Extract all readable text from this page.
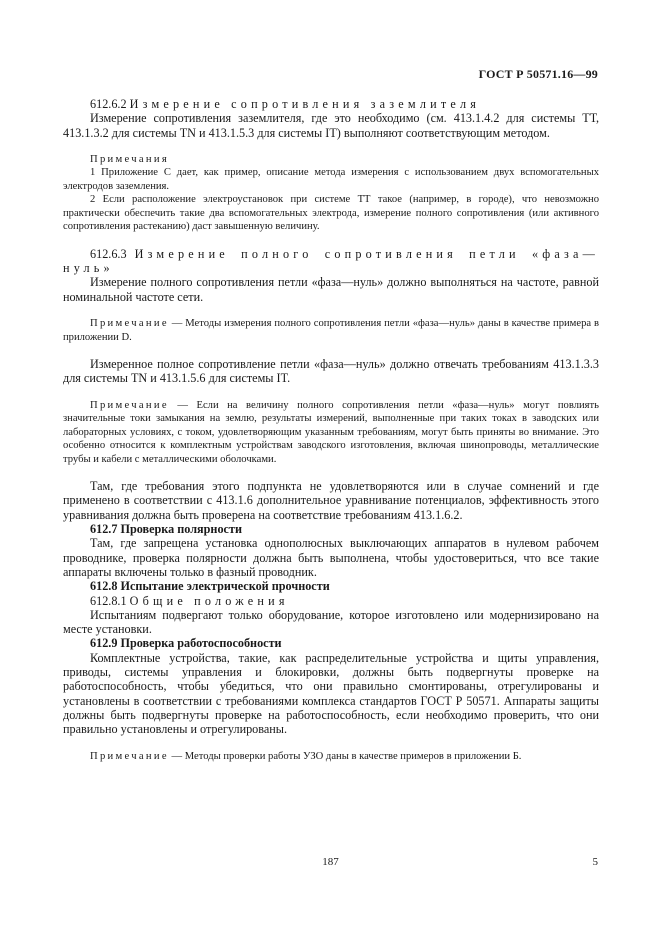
ГОСТ Р 50571.16—99

612.6.2 Измерение сопротивления заземлителя

Измерение сопротивления заземлителя, где это необходимо (см. 413.1.4.2 для системы ТТ, 413.1.3.2 для системы TN и 413.1.5.3 для системы IT) выполняют соответствующим методом.

Примечания

1 Приложение С дает, как пример, описание метода измерения с использованием двух вспомогательных электродов заземления.

2 Если расположение электроустановок при системе ТТ такое (например, в городе), что невозможно практически обеспечить такие два вспомогательных электрода, измерение полного сопротивления (или активного сопротивления растеканию) даст завышенную величину.

612.6.3 Измерение полного сопротивления петли «фаза—нуль»

Измерение полного сопротивления петли «фаза—нуль» должно выполняться на частоте, равной номинальной частоте сети.

Примечание — Методы измерения полного сопротивления петли «фаза—нуль» даны в качестве примера в приложении D.

Измеренное полное сопротивление петли «фаза—нуль» должно отвечать требованиям 413.1.3.3 для системы TN и 413.1.5.6 для системы IT.

Примечание — Если на величину полного сопротивления петли «фаза—нуль» могут повлиять значительные токи замыкания на землю, результаты измерений, выполненные при таких токах в заводских или лабораторных условиях, с током, удовлетворяющим указанным требованиям, могут быть приняты во внимание. Это особенно относится к комплектным устройствам заводского изготовления, включая шинопроводы, металлические трубы и кабели с металлическими оболочками.

Там, где требования этого подпункта не удовлетворяются или в случае сомнений и где применено в соответствии с 413.1.6 дополнительное уравнивание потенциалов, эффективность этого уравнивания должна быть проверена на соответствие требованиям 413.1.6.2.

612.7 Проверка полярности

Там, где запрещена установка однополюсных выключающих аппаратов в нулевом рабочем проводнике, проверка полярности должна быть выполнена, чтобы удостовериться, что все такие аппараты включены только в фазный проводник.

612.8 Испытание электрической прочности

612.8.1 Общие положения

Испытаниям подвергают только оборудование, которое изготовлено или модернизировано на месте установки.

612.9 Проверка работоспособности

Комплектные устройства, такие, как распределительные устройства и щиты управления, приводы, системы управления и блокировки, должны быть подвергнуты проверке на работоспособность, чтобы убедиться, что они правильно смонтированы, отрегулированы и установлены в соответствии с требованиями комплекса стандартов ГОСТ Р 50571. Аппараты защиты должны быть подвергнуты проверке на работоспособность, если необходимо проверить, что они правильно установлены и отрегулированы.

Примечание — Методы проверки работы УЗО даны в качестве примеров в приложении Б.

187	5
